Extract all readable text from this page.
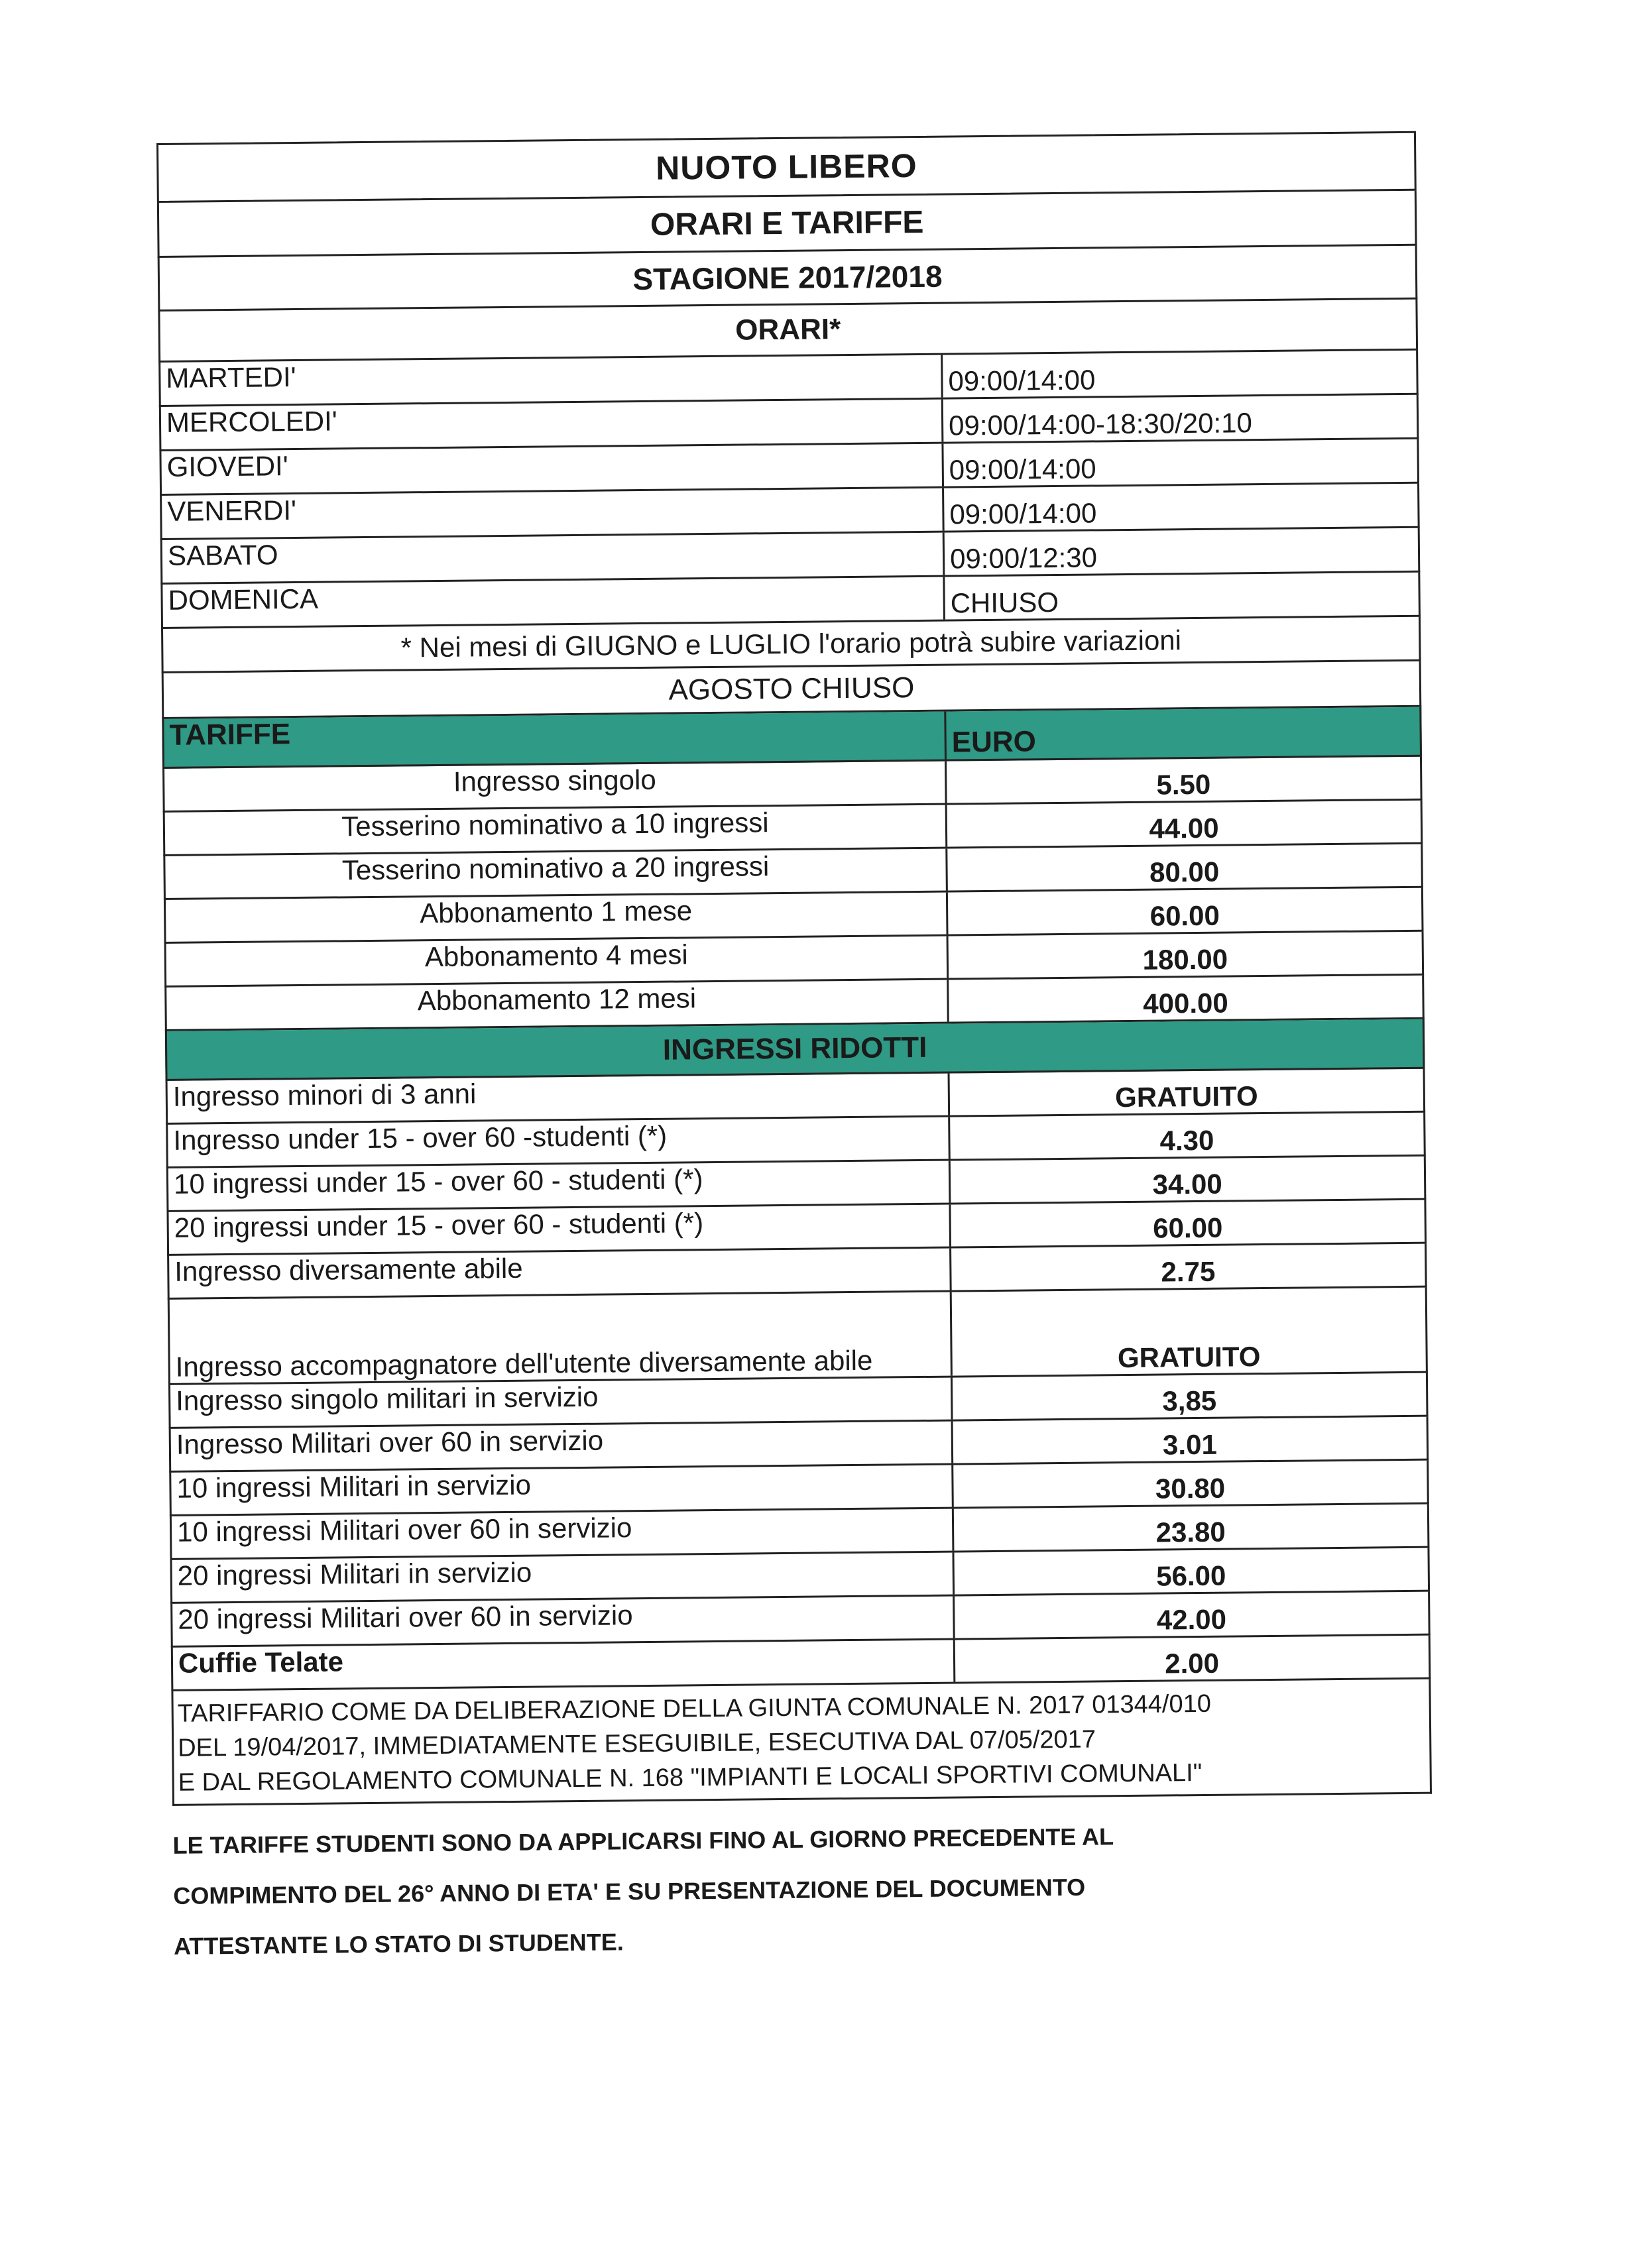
NUOTO LIBERO
ORARI E TARIFFE
STAGIONE 2017/2018
ORARI*
MARTEDI'	09:00/14:00
MERCOLEDI'	09:00/14:00-18:30/20:10
GIOVEDI'	09:00/14:00
VENERDI'	09:00/14:00
SABATO	09:00/12:30
DOMENICA	CHIUSO
* Nei mesi di GIUGNO e LUGLIO l'orario potrà subire variazioni
AGOSTO CHIUSO
TARIFFE	EURO
Ingresso singolo	5.50
Tesserino nominativo a 10 ingressi	44.00
Tesserino nominativo a 20 ingressi	80.00
Abbonamento 1 mese	60.00
Abbonamento 4 mesi	180.00
Abbonamento 12 mesi	400.00
INGRESSI RIDOTTI
Ingresso minori di 3 anni	GRATUITO
Ingresso under 15 - over 60 -studenti (*)	4.30
10 ingressi under 15 - over 60 - studenti (*)	34.00
20 ingressi under 15 - over 60 - studenti (*)	60.00
Ingresso diversamente abile	2.75
Ingresso accompagnatore dell'utente diversamente abile	GRATUITO
Ingresso singolo militari in servizio	3,85
Ingresso Militari over 60 in servizio	3.01
10 ingressi Militari in servizio	30.80
10 ingressi Militari over 60 in servizio	23.80
20 ingressi Militari in servizio	56.00
20 ingressi Militari over 60 in servizio	42.00
Cuffie Telate	2.00
TARIFFARIO COME DA DELIBERAZIONE DELLA GIUNTA COMUNALE N. 2017 01344/010
DEL 19/04/2017, IMMEDIATAMENTE ESEGUIBILE, ESECUTIVA DAL 07/05/2017
E DAL REGOLAMENTO COMUNALE N. 168 "IMPIANTI E LOCALI SPORTIVI COMUNALI"
LE TARIFFE STUDENTI SONO DA APPLICARSI FINO AL GIORNO PRECEDENTE AL
COMPIMENTO DEL 26° ANNO DI ETA' E SU PRESENTAZIONE DEL DOCUMENTO
ATTESTANTE LO STATO DI STUDENTE.
